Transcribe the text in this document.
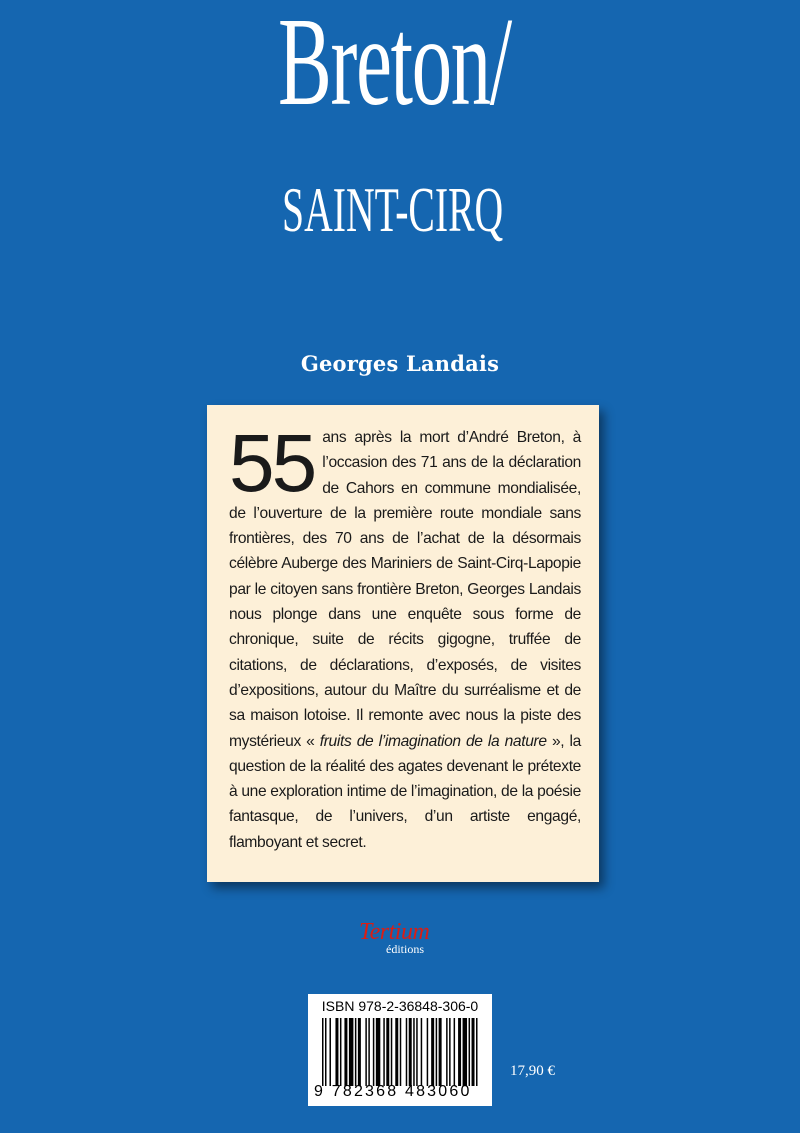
Breton/
SAINT-CIRQ
Georges Landais
55 ans après la mort d’André Breton, à l’occasion des 71 ans de la déclaration de Cahors en commune mondialisée, de l’ouverture de la première route mondiale sans frontières, des 70 ans de l’achat de la désormais célèbre Auberge des Mariniers de Saint-Cirq-Lapopie par le citoyen sans frontière Breton, Georges Landais nous plonge dans une enquête sous forme de chronique, suite de récits gigogne, truffée de citations, de déclarations, d’exposés, de visites d’expositions, autour du Maître du surréalisme et de sa maison lotoise. Il remonte avec nous la piste des mystérieux « fruits de l’imagination de la nature », la question de la réalité des agates devenant le prétexte à une exploration intime de l’imagination, de la poésie fantasque, de l’univers, d’un artiste engagé, flamboyant et secret.
Tertium
éditions
ISBN 978-2-36848-306-0
9 782368 483060
17,90 €
